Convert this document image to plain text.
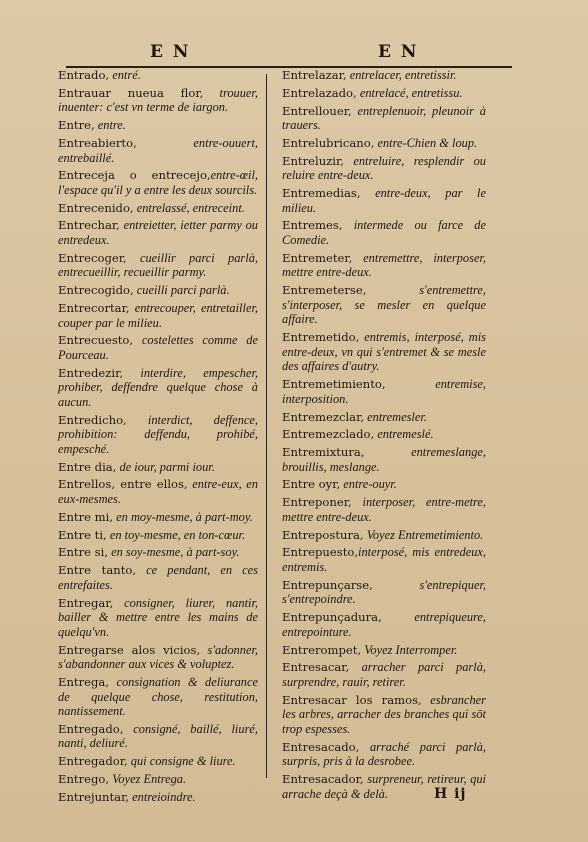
E N	E N

Entrado, entré.

Entrauar nueua flor, trouuer, inuenter: c'est vn terme de iargon.

Entre, entre.

Entreabierto, entre-ouuert, entrebaillé.

Entreceja o entrecejo,entre-œil, l'espace qu'il y a entre les deux sourcils.

Entrecenido, entrelassé, entreceint.

Entrechar, entreietter, ietter parmy ou entredeux.

Entrecoger, cueillir parci parlà, entrecueillir, recueillir parmy.

Entrecogido, cueilli parci parlà.

Entrecortar, entrecouper, entretailler, couper par le milieu.

Entrecuesto, costelettes comme de Pourceau.

Entredezir, interdire, empescher, prohiber, deffendre quelque chose à aucun.

Entredicho, interdict, deffence, prohibition: deffendu, prohibé, empesché.

Entre dia, de iour, parmi iour.

Entrellos, entre ellos, entre-eux, en eux-mesmes.

Entre mi, en moy-mesme, à part-moy.

Entre ti, en toy-mesme, en ton-cœur.

Entre si, en soy-mesme, à part-soy.

Entre tanto, ce pendant, en ces entrefaites.

Entregar, consigner, liurer, nantir, bailler & mettre entre les mains de quelqu'vn.

Entregarse alos vicios, s'adonner, s'abandonner aux vices & voluptez.

Entrega, consignation & deliurance de quelque chose, restitution, nantissement.

Entregado, consigné, baillé, liuré, nanti, deliuré.

Entregador, qui consigne & liure.

Entrego, Voyez Entrega.

Entrejuntar, entreioindre.

Entrelazar, entrelacer, entretissir.

Entrelazado, entrelacé, entretissu.

Entrellouer, entreplenuoir, pleunoir à trauers.

Entrelubricano, entre-Chien & loup.

Entreluzir, entreluire, resplendir ou reluire entre-deux.

Entremedias, entre-deux, par le milieu.

Entremes, intermede ou farce de Comedie.

Entremeter, entremettre, interposer, mettre entre-deux.

Entremeterse, s'entremettre, s'interposer, se mesler en quelque affaire.

Entremetido, entremis, interposé, mis entre-deux, vn qui s'entremet & se mesle des affaires d'autry.

Entremetimiento, entremise, interposition.

Entremezclar, entremesler.

Entremezclado, entremeslé.

Entremixtura, entremeslange, brouillis, meslange.

Entre oyr, entre-ouyr.

Entreponer, interposer, entre-metre, mettre entre-deux.

Entrepostura, Voyez Entremetimiento.

Entrepuesto,interposé, mis entredeux, entremis.

Entrepunçarse, s'entrepiquer, s'entrepoindre.

Entrepunçadura, entrepiqueure, entrepointure.

Entrerompet, Voyez Interromper.

Entresacar, arracher parci parlà, surprendre, rauir, retirer.

Entresacar los ramos, esbrancher les arbres, arracher des branches qui sōt trop espesses.

Entresacado, arraché parci parlà, surpris, pris à la desrobee.

Entresacador, surpreneur, retireur, qui arrache deçà & delà.	H ij
